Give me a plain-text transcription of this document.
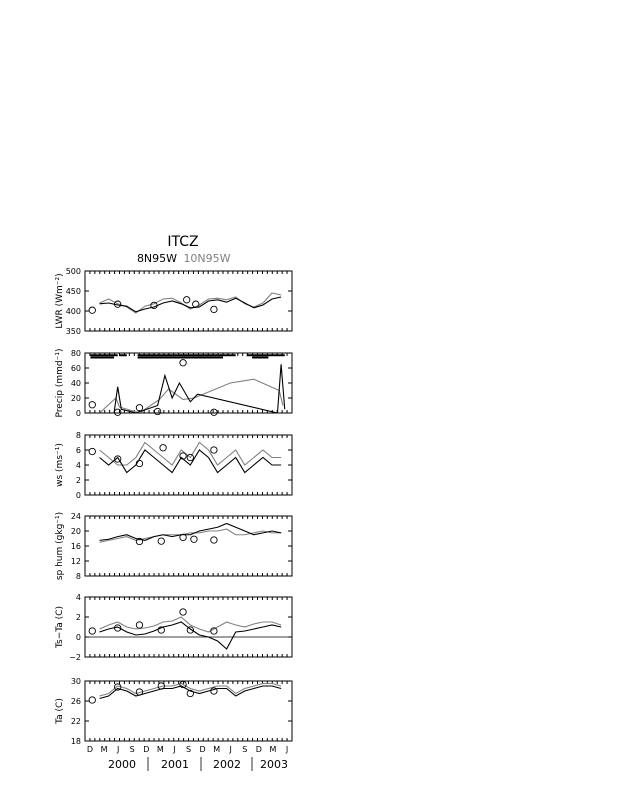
ITCZ
8N95W 10N95W
350
400
450
500
LWR (Wm⁻²)
0
20
40
60
80
Precip (mmd⁻¹)
0
2
4
6
8
ws (ms⁻¹)
8
12
16
20
24
sp hum (gkg⁻¹)
−2
0
2
4
Ts−Ta (C)
18
22
26
30
Ta (C)
D M J S D M J S D M J S D M J
2000 2001 2002 2003
